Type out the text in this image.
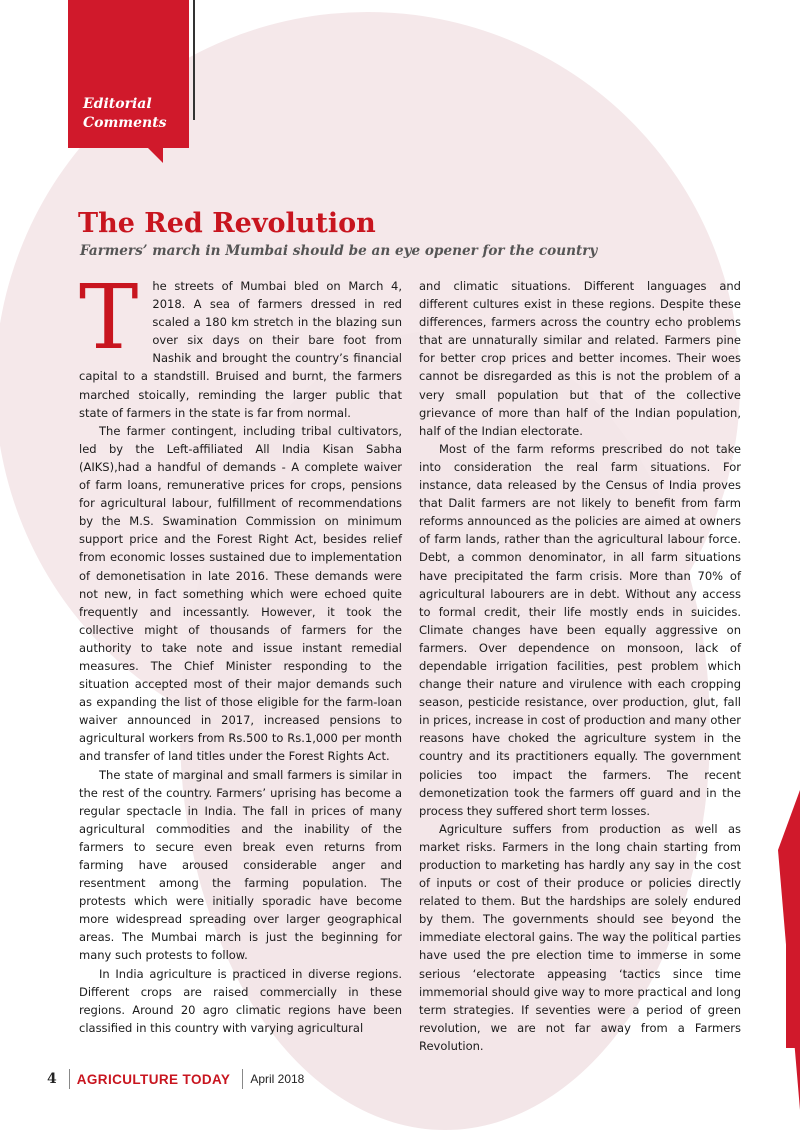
Editorial
Comments
The Red Revolution
Farmers’ march in Mumbai should be an eye opener for the country

T he streets of Mumbai bled on March 4, 2018. A sea of farmers dressed in red scaled a 180 km stretch in the blazing sun over six days on their bare foot from Nashik and brought the country’s financial capital to a standstill. Bruised and burnt, the farmers marched stoically, reminding the larger public that state of farmers in the state is far from normal.

The farmer contingent, including tribal cultivators, led by the Left-affiliated All India Kisan Sabha (AIKS),had a handful of demands - A complete waiver of farm loans, remunerative prices for crops, pensions for agricultural labour, fulfillment of recommendations by the M.S. Swamination Commission on minimum support price and the Forest Right Act, besides relief from economic losses sustained due to implementation of demonetisation in late 2016. These demands were not new, in fact something which were echoed quite frequently and incessantly. However, it took the collective might of thousands of farmers for the authority to take note and issue instant remedial measures. The Chief Minister responding to the situation accepted most of their major demands such as expanding the list of those eligible for the farm-loan waiver announced in 2017, increased pensions to agricultural workers from Rs.500 to Rs.1,000 per month and transfer of land titles under the Forest Rights Act.

The state of marginal and small farmers is similar in the rest of the country. Farmers’ uprising has become a regular spectacle in India. The fall in prices of many agricultural commodities and the inability of the farmers to secure even break even returns from farming have aroused considerable anger and resentment among the farming population. The protests which were initially sporadic have become more widespread spreading over larger geographical areas. The Mumbai march is just the beginning for many such protests to follow.

In India agriculture is practiced in diverse regions. Different crops are raised commercially in these regions. Around 20 agro climatic regions have been classified in this country with varying agricultural

and climatic situations. Different languages and different cultures exist in these regions. Despite these differences, farmers across the country echo problems that are unnaturally similar and related. Farmers pine for better crop prices and better incomes. Their woes cannot be disregarded as this is not the problem of a very small population but that of the collective grievance of more than half of the Indian population, half of the Indian electorate.

Most of the farm reforms prescribed do not take into consideration the real farm situations. For instance, data released by the Census of India proves that Dalit farmers are not likely to benefit from farm reforms announced as the policies are aimed at owners of farm lands, rather than the agricultural labour force. Debt, a common denominator, in all farm situations have precipitated the farm crisis. More than 70% of agricultural labourers are in debt. Without any access to formal credit, their life mostly ends in suicides. Climate changes have been equally aggressive on farmers. Over dependence on monsoon, lack of dependable irrigation facilities, pest problem which change their nature and virulence with each cropping season, pesticide resistance, over production, glut, fall in prices, increase in cost of production and many other reasons have choked the agriculture system in the country and its practitioners equally. The government policies too impact the farmers. The recent demonetization took the farmers off guard and in the process they suffered short term losses.

Agriculture suffers from production as well as market risks. Farmers in the long chain starting from production to marketing has hardly any say in the cost of inputs or cost of their produce or policies directly related to them. But the hardships are solely endured by them. The governments should see beyond the immediate electoral gains. The way the political parties have used the pre election time to immerse in some serious ‘electorate appeasing ‘tactics since time immemorial should give way to more practical and long term strategies. If seventies were a period of green revolution, we are not far away from a Farmers Revolution.

4 AGRICULTURE TODAY April 2018
